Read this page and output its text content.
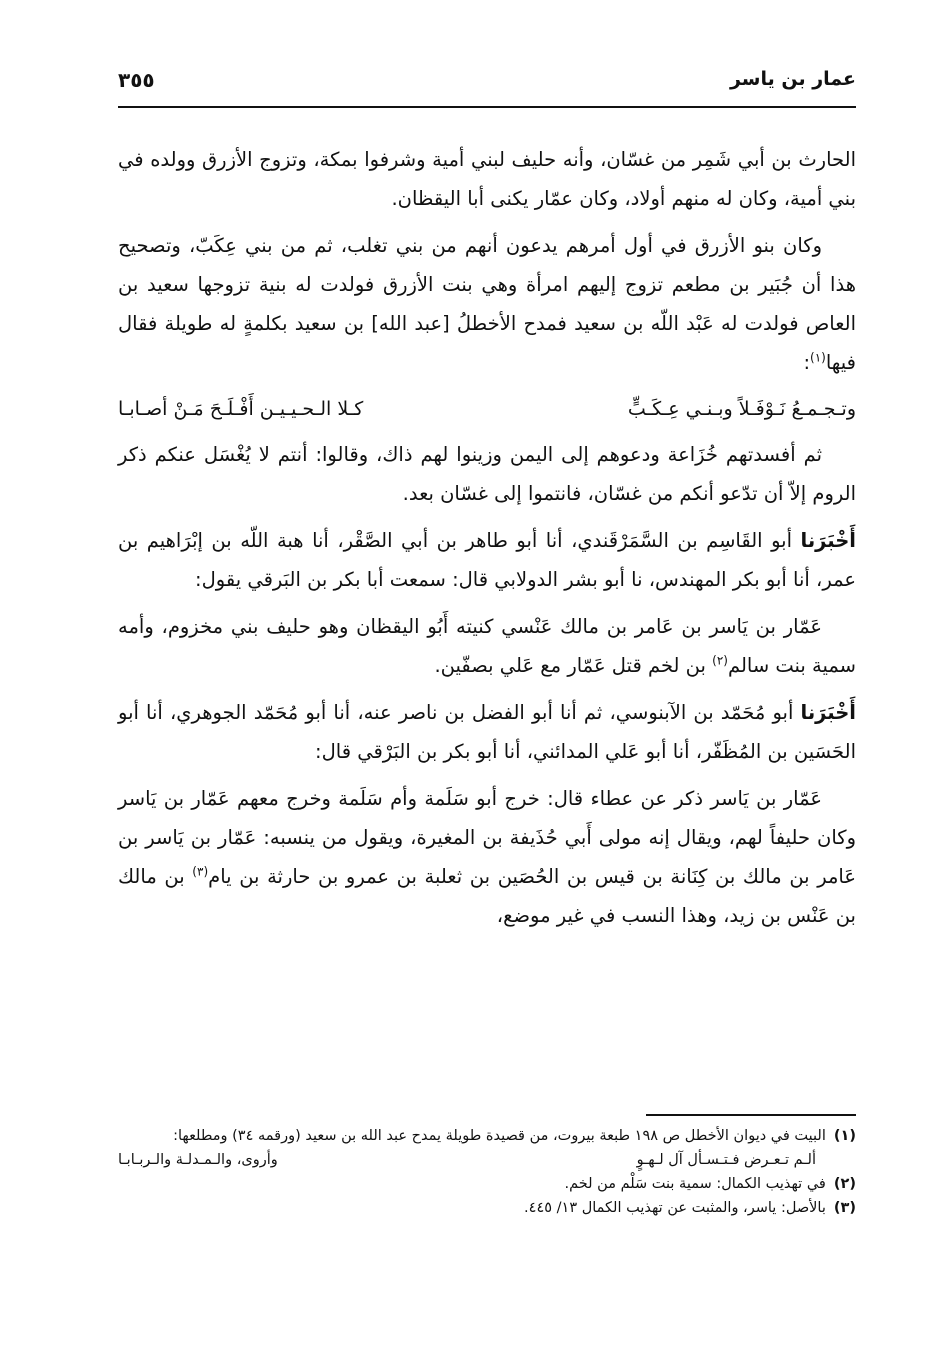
عمار بن ياسر
٣٥٥

الحارث بن أبي شَمِر من غسّان، وأنه حليف لبني أمية وشرفوا بمكة، وتزوج الأزرق وولده في بني أمية، وكان له منهم أولاد، وكان عمّار يكنى أبا اليقظان.

وكان بنو الأزرق في أول أمرهم يدعون أنهم من بني تغلب، ثم من بني عِكَبّ، وتصحيح هذا أن جُبَير بن مطعم تزوج إليهم امرأة وهي بنت الأزرق فولدت له بنية تزوجها سعيد بن العاص فولدت له عَبْد اللّه بن سعيد فمدح الأخطلُ [عبد الله] بن سعيد بكلمةٍ له طويلة فقال فيها$^{(١)}$:

وتـجـمـعُ نَـوْفَـلاً وبـنـي عِـكَـبٍّ
كـلا الـحـيـيـن أَفْـلَـحَ مَـنْ أصـابـا

ثم أفسدتهم خُزَاعة ودعوهم إلى اليمن وزينوا لهم ذاك، وقالوا: أنتم لا يُغْسَل عنكم ذكر الروم إلاّ أن تدّعو أنكم من غسّان، فانتموا إلى غسّان بعد.

أَخْبَرَنا أبو القَاسِم بن السَّمَرْقَندي، أنا أبو طاهر بن أبي الصَّقْر، أنا هبة اللّه بن إبْرَاهيم بن عمر، أنا أبو بكر المهندس، نا أبو بشر الدولابي قال: سمعت أبا بكر بن البَرقي يقول:

عَمّار بن يَاسر بن عَامر بن مالك عَنْسي كنيته أَبُو اليقظان وهو حليف بني مخزوم، وأمه سمية بنت سالم$^{(٢)}$ بن لخم قتل عَمّار مع عَلي بصفّين.

أَخْبَرَنا أبو مُحَمّد بن الآبنوسي، ثم أنا أبو الفضل بن ناصر عنه، أنا أبو مُحَمّد الجوهري، أنا أبو الحَسَين بن المُظَفّر، أنا أبو عَلي المدائني، أنا أبو بكر بن البَرْقي قال:

عَمّار بن يَاسر ذكر عن عطاء قال: خرج أبو سَلَمة وأم سَلَمة وخرج معهم عَمّار بن يَاسر وكان حليفاً لهم، ويقال إنه مولى أَبي حُذَيفة بن المغيرة، ويقول من ينسبه: عَمّار بن يَاسر بن عَامر بن مالك بن كِنَانة بن قيس بن الحُصَين بن ثعلبة بن عمرو بن حارثة بن يام$^{(٣)}$ بن مالك بن عَنْس بن زيد، وهذا النسب في غير موضع،

(١)
البيت في ديوان الأخطل ص ١٩٨ طبعة بيروت، من قصيدة طويلة يمدح عبد الله بن سعيد (ورقمه ٣٤) ومطلعها:
ألـم تـعـرض فـتـسـأل آل لـهـوٍ
وأروى، والـمـدلـة والـربـابـا
(٢)
في تهذيب الكمال: سمية بنت سَلْم من لخم.
(٣)
بالأصل: ياسر، والمثبت عن تهذيب الكمال ١٣/ ٤٤٥.
